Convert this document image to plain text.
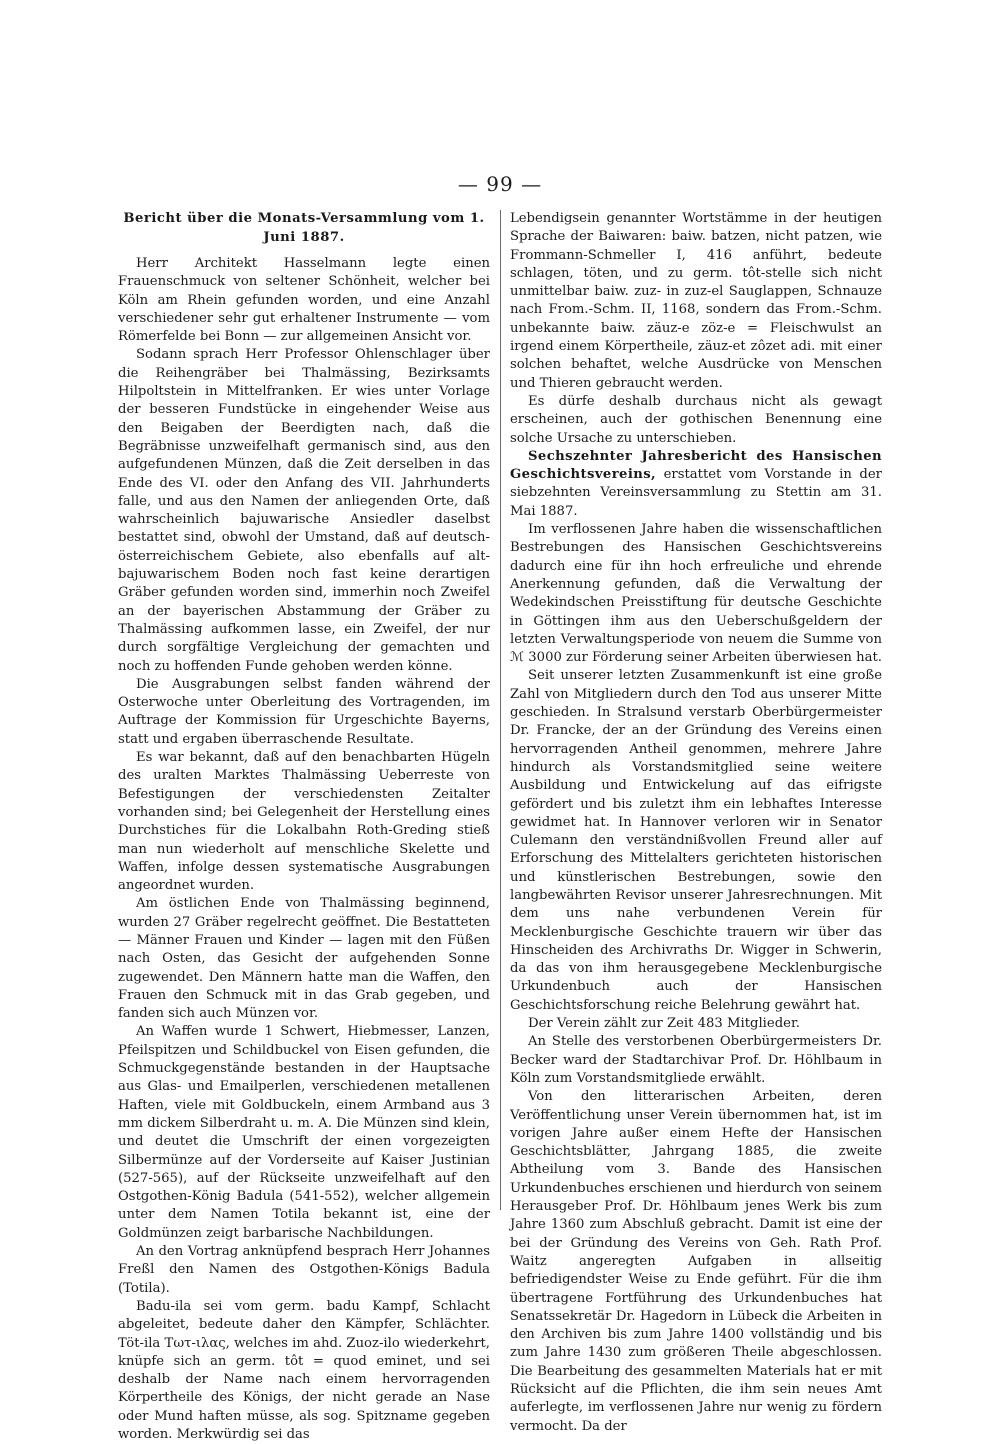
— 99 —
Bericht über die Monats-Versammlung vom 1. Juni 1887.

Herr Architekt Hasselmann legte einen Frauenschmuck von seltener Schönheit, welcher bei Köln am Rhein gefunden worden, und eine Anzahl verschiedener sehr gut erhaltener Instrumente — vom Römerfelde bei Bonn — zur allgemeinen Ansicht vor.

Sodann sprach Herr Professor Ohlenschlager über die Reihengräber bei Thalmässing, Bezirksamts Hilpoltstein in Mittelfranken. Er wies unter Vorlage der besseren Fundstücke in eingehender Weise aus den Beigaben der Beerdigten nach, daß die Begräbnisse unzweifelhaft germanisch sind, aus den aufgefundenen Münzen, daß die Zeit derselben in das Ende des VI. oder den Anfang des VII. Jahrhunderts falle, und aus den Namen der anliegenden Orte, daß wahrscheinlich bajuwarische Ansiedler daselbst bestattet sind, obwohl der Umstand, daß auf deutsch-österreichischem Gebiete, also ebenfalls auf alt-bajuwarischem Boden noch fast keine derartigen Gräber gefunden worden sind, immerhin noch Zweifel an der bayerischen Abstammung der Gräber zu Thalmässing aufkommen lasse, ein Zweifel, der nur durch sorgfältige Vergleichung der gemachten und noch zu hoffenden Funde gehoben werden könne.

Die Ausgrabungen selbst fanden während der Osterwoche unter Oberleitung des Vortragenden, im Auftrage der Kommission für Urgeschichte Bayerns, statt und ergaben überraschende Resultate.

Es war bekannt, daß auf den benachbarten Hügeln des uralten Marktes Thalmässing Ueberreste von Befestigungen der verschiedensten Zeitalter vorhanden sind; bei Gelegenheit der Herstellung eines Durchstiches für die Lokalbahn Roth-Greding stieß man nun wiederholt auf menschliche Skelette und Waffen, infolge dessen systematische Ausgrabungen angeordnet wurden.

Am östlichen Ende von Thalmässing beginnend, wurden 27 Gräber regelrecht geöffnet. Die Bestatteten — Männer Frauen und Kinder — lagen mit den Füßen nach Osten, das Gesicht der aufgehenden Sonne zugewendet. Den Männern hatte man die Waffen, den Frauen den Schmuck mit in das Grab gegeben, und fanden sich auch Münzen vor.

An Waffen wurde 1 Schwert, Hiebmesser, Lanzen, Pfeilspitzen und Schildbuckel von Eisen gefunden, die Schmuckgegenstände bestanden in der Hauptsache aus Glas- und Emailperlen, verschiedenen metallenen Haften, viele mit Goldbuckeln, einem Armband aus 3 mm dickem Silberdraht u. m. A. Die Münzen sind klein, und deutet die Umschrift der einen vorgezeigten Silbermünze auf der Vorderseite auf Kaiser Justinian (527-565), auf der Rückseite unzweifelhaft auf den Ostgothen-König Badula (541-552), welcher allgemein unter dem Namen Totila bekannt ist, eine der Goldmünzen zeigt barbarische Nachbildungen.

An den Vortrag anknüpfend besprach Herr Johannes Freßl den Namen des Ostgothen-Königs Badula (Totila).

Badu-ila sei vom germ. badu Kampf, Schlacht abgeleitet, bedeute daher den Kämpfer, Schlächter. Töt-ila Τωτ-ιλας, welches im ahd. Zuoz-ilo wiederkehrt, knüpfe sich an germ. tôt = quod eminet, und sei deshalb der Name nach einem hervorragenden Körpertheile des Königs, der nicht gerade an Nase oder Mund haften müsse, als sog. Spitzname gegeben worden. Merkwürdig sei das

Lebendigsein genannter Wortstämme in der heutigen Sprache der Baiwaren: baiw. batzen, nicht patzen, wie Frommann-Schmeller I, 416 anführt, bedeute schlagen, töten, und zu germ. tôt-stelle sich nicht unmittelbar baiw. zuz- in zuz-el Sauglappen, Schnauze nach From.-Schm. II, 1168, sondern das From.-Schm. unbekannte baiw. zäuz-e zöz-e = Fleischwulst an irgend einem Körpertheile, zäuz-et zôzet adi. mit einer solchen behaftet, welche Ausdrücke von Menschen und Thieren gebraucht werden.

Es dürfe deshalb durchaus nicht als gewagt erscheinen, auch der gothischen Benennung eine solche Ursache zu unterschieben.

Sechszehnter Jahresbericht des Hansischen Geschichtsvereins, erstattet vom Vorstande in der siebzehnten Vereinsversammlung zu Stettin am 31. Mai 1887.

Im verflossenen Jahre haben die wissenschaftlichen Bestrebungen des Hansischen Geschichtsvereins dadurch eine für ihn hoch erfreuliche und ehrende Anerkennung gefunden, daß die Verwaltung der Wedekindschen Preisstiftung für deutsche Geschichte in Göttingen ihm aus den Ueberschußgeldern der letzten Verwaltungsperiode von neuem die Summe von ℳ 3000 zur Förderung seiner Arbeiten überwiesen hat.

Seit unserer letzten Zusammenkunft ist eine große Zahl von Mitgliedern durch den Tod aus unserer Mitte geschieden. In Stralsund verstarb Oberbürgermeister Dr. Francke, der an der Gründung des Vereins einen hervorragenden Antheil genommen, mehrere Jahre hindurch als Vorstandsmitglied seine weitere Ausbildung und Entwickelung auf das eifrigste gefördert und bis zuletzt ihm ein lebhaftes Interesse gewidmet hat. In Hannover verloren wir in Senator Culemann den verständnißvollen Freund aller auf Erforschung des Mittelalters gerichteten historischen und künstlerischen Bestrebungen, sowie den langbewährten Revisor unserer Jahresrechnungen. Mit dem uns nahe verbundenen Verein für Mecklenburgische Geschichte trauern wir über das Hinscheiden des Archivraths Dr. Wigger in Schwerin, da das von ihm herausgegebene Mecklenburgische Urkundenbuch auch der Hansischen Geschichtsforschung reiche Belehrung gewährt hat.

Der Verein zählt zur Zeit 483 Mitglieder.

An Stelle des verstorbenen Oberbürgermeisters Dr. Becker ward der Stadtarchivar Prof. Dr. Höhlbaum in Köln zum Vorstandsmitgliede erwählt.

Von den litterarischen Arbeiten, deren Veröffentlichung unser Verein übernommen hat, ist im vorigen Jahre außer einem Hefte der Hansischen Geschichtsblätter, Jahrgang 1885, die zweite Abtheilung vom 3. Bande des Hansischen Urkundenbuches erschienen und hierdurch von seinem Herausgeber Prof. Dr. Höhlbaum jenes Werk bis zum Jahre 1360 zum Abschluß gebracht. Damit ist eine der bei der Gründung des Vereins von Geh. Rath Prof. Waitz angeregten Aufgaben in allseitig befriedigendster Weise zu Ende geführt. Für die ihm übertragene Fortführung des Urkundenbuches hat Senatssekretär Dr. Hagedorn in Lübeck die Arbeiten in den Archiven bis zum Jahre 1400 vollständig und bis zum Jahre 1430 zum größeren Theile abgeschlossen. Die Bearbeitung des gesammelten Materials hat er mit Rücksicht auf die Pflichten, die ihm sein neues Amt auferlegte, im verflossenen Jahre nur wenig zu fördern vermocht. Da der
